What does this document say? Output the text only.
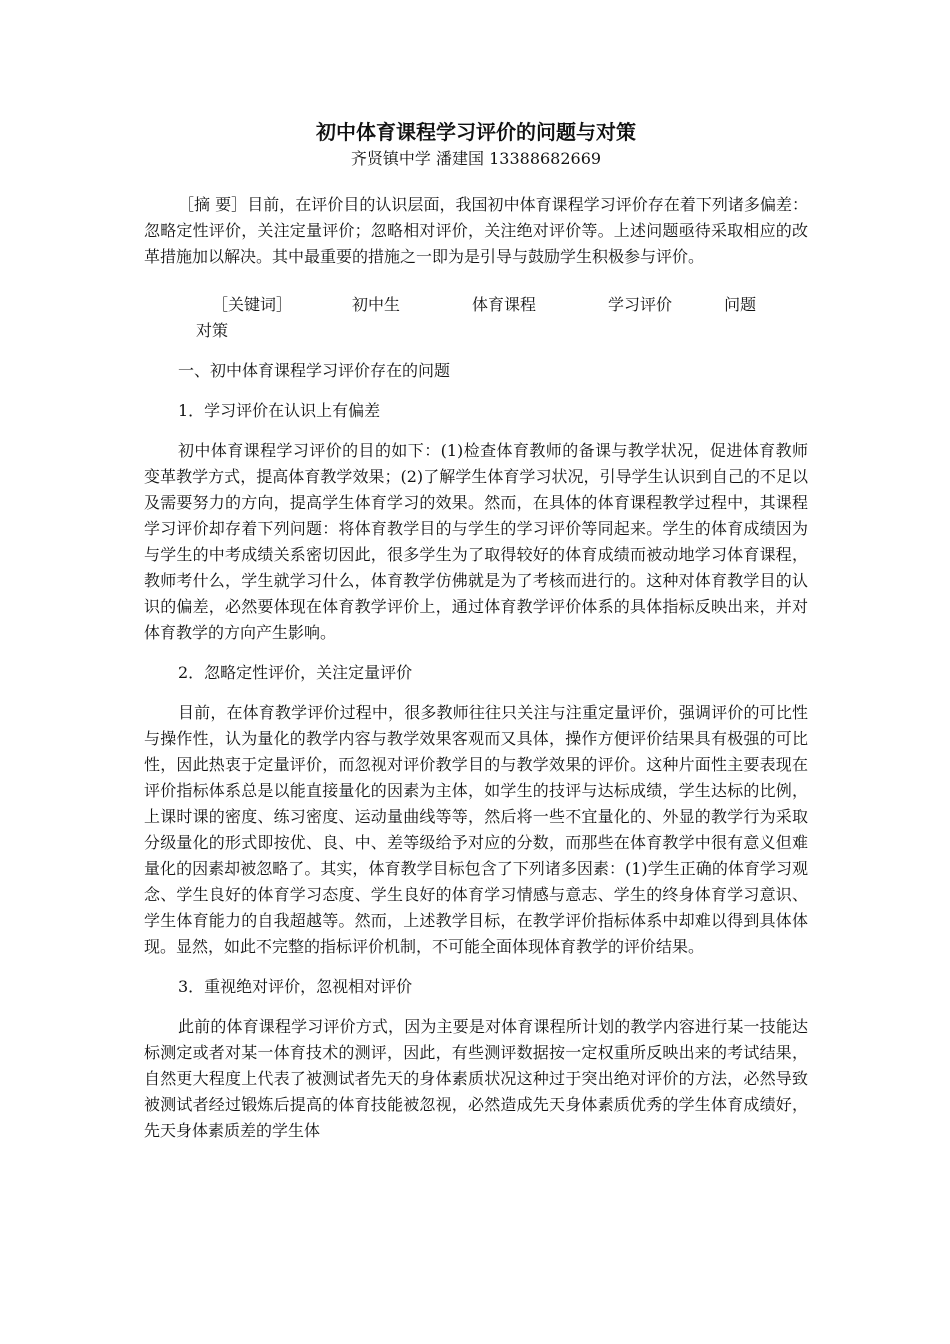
初中体育课程学习评价的问题与对策

齐贤镇中学 潘建国 13388682669

［摘 要］目前，在评价目的认识层面，我国初中体育课程学习评价存在着下列诸多偏差：忽略定性评价，关注定量评价；忽略相对评价，关注绝对评价等。上述问题亟待采取相应的改革措施加以解决。其中最重要的措施之一即为是引导与鼓励学生积极参与评价。

［关键词］	初中生	体育课程	学习评价	问题对策

一、初中体育课程学习评价存在的问题

1．学习评价在认识上有偏差

初中体育课程学习评价的目的如下：(1)检查体育教师的备课与教学状况，促进体育教师变革教学方式，提高体育教学效果；(2)了解学生体育学习状况，引导学生认识到自己的不足以及需要努力的方向，提高学生体育学习的效果。然而，在具体的体育课程教学过程中，其课程学习评价却存着下列问题：将体育教学目的与学生的学习评价等同起来。学生的体育成绩因为与学生的中考成绩关系密切因此，很多学生为了取得较好的体育成绩而被动地学习体育课程，教师考什么，学生就学习什么，体育教学仿佛就是为了考核而进行的。这种对体育教学目的认识的偏差，必然要体现在体育教学评价上，通过体育教学评价体系的具体指标反映出来，并对体育教学的方向产生影响。

2．忽略定性评价，关注定量评价

目前，在体育教学评价过程中，很多教师往往只关注与注重定量评价，强调评价的可比性与操作性，认为量化的教学内容与教学效果客观而又具体，操作方便评价结果具有极强的可比性，因此热衷于定量评价，而忽视对评价教学目的与教学效果的评价。这种片面性主要表现在评价指标体系总是以能直接量化的因素为主体，如学生的技评与达标成绩，学生达标的比例，上课时课的密度、练习密度、运动量曲线等等，然后将一些不宜量化的、外显的教学行为采取分级量化的形式即按优、良、中、差等级给予对应的分数，而那些在体育教学中很有意义但难量化的因素却被忽略了。其实，体育教学目标包含了下列诸多因素：(1)学生正确的体育学习观念、学生良好的体育学习态度、学生良好的体育学习情感与意志、学生的终身体育学习意识、学生体育能力的自我超越等。然而，上述教学目标，在教学评价指标体系中却难以得到具体体现。显然，如此不完整的指标评价机制，不可能全面体现体育教学的评价结果。

3．重视绝对评价，忽视相对评价

此前的体育课程学习评价方式，因为主要是对体育课程所计划的教学内容进行某一技能达标测定或者对某一体育技术的测评，因此，有些测评数据按一定权重所反映出来的考试结果，自然更大程度上代表了被测试者先天的身体素质状况这种过于突出绝对评价的方法，必然导致被测试者经过锻炼后提高的体育技能被忽视，必然造成先天身体素质优秀的学生体育成绩好，先天身体素质差的学生体
